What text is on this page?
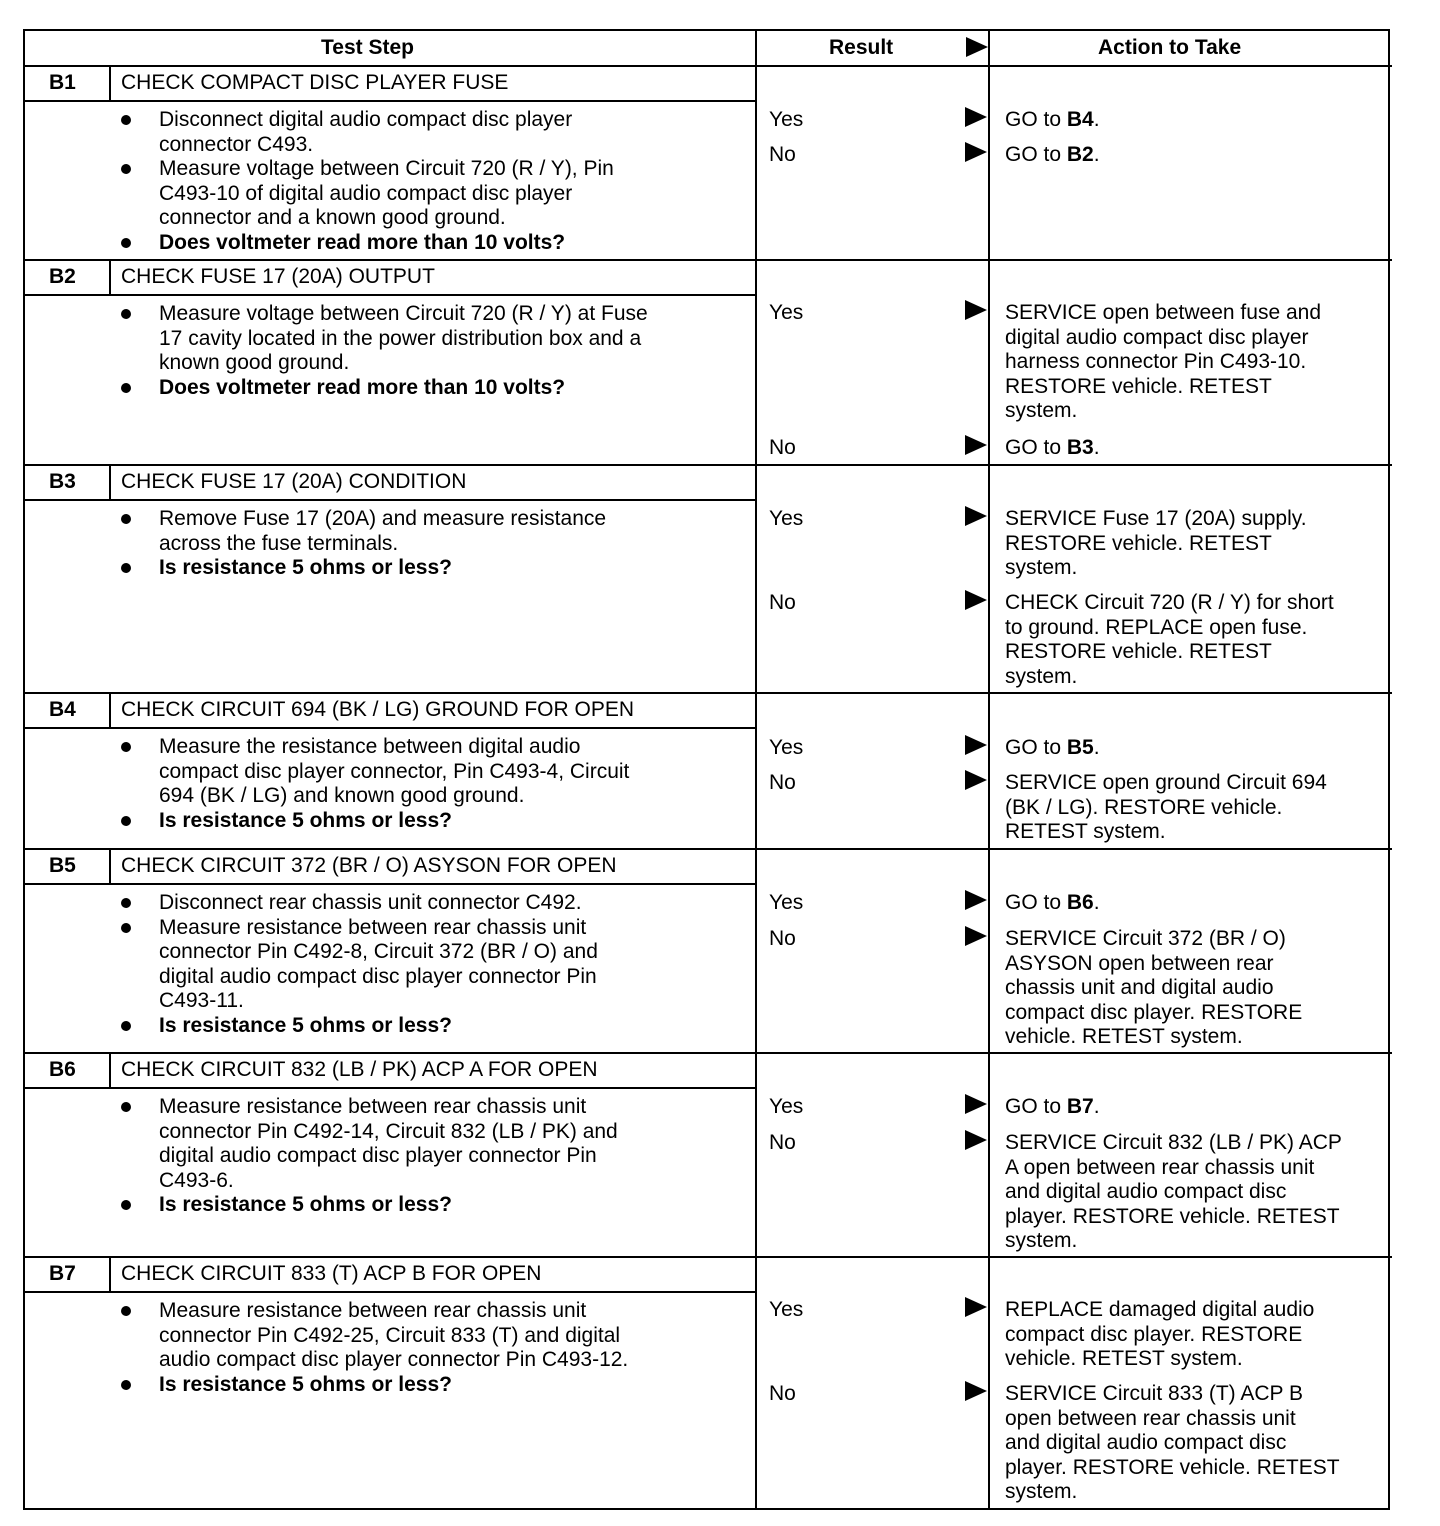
Test Step	Result	Action to Take
B1 CHECK COMPACT DISC PLAYER FUSE
Disconnect digital audio compact disc player
connector C493.
Measure voltage between Circuit 720 (R / Y), Pin
C493-10 of digital audio compact disc player
connector and a known good ground.
Does voltmeter read more than 10 volts?
Yes	GO to B4.
No	GO to B2.
B2 CHECK FUSE 17 (20A) OUTPUT
Measure voltage between Circuit 720 (R / Y) at Fuse
17 cavity located in the power distribution box and a
known good ground.
Does voltmeter read more than 10 volts?
Yes	SERVICE open between fuse and
digital audio compact disc player
harness connector Pin C493-10.
RESTORE vehicle. RETEST
system.
No	GO to B3.
B3 CHECK FUSE 17 (20A) CONDITION
Remove Fuse 17 (20A) and measure resistance
across the fuse terminals.
Is resistance 5 ohms or less?
Yes	SERVICE Fuse 17 (20A) supply.
RESTORE vehicle. RETEST
system.
No	CHECK Circuit 720 (R / Y) for short
to ground. REPLACE open fuse.
RESTORE vehicle. RETEST
system.
B4 CHECK CIRCUIT 694 (BK / LG) GROUND FOR OPEN
Measure the resistance between digital audio
compact disc player connector, Pin C493-4, Circuit
694 (BK / LG) and known good ground.
Is resistance 5 ohms or less?
Yes	GO to B5.
No	SERVICE open ground Circuit 694
(BK / LG). RESTORE vehicle.
RETEST system.
B5 CHECK CIRCUIT 372 (BR / O) ASYSON FOR OPEN
Disconnect rear chassis unit connector C492.
Measure resistance between rear chassis unit
connector Pin C492-8, Circuit 372 (BR / O) and
digital audio compact disc player connector Pin
C493-11.
Is resistance 5 ohms or less?
Yes	GO to B6.
No	SERVICE Circuit 372 (BR / O)
ASYSON open between rear
chassis unit and digital audio
compact disc player. RESTORE
vehicle. RETEST system.
B6 CHECK CIRCUIT 832 (LB / PK) ACP A FOR OPEN
Measure resistance between rear chassis unit
connector Pin C492-14, Circuit 832 (LB / PK) and
digital audio compact disc player connector Pin
C493-6.
Is resistance 5 ohms or less?
Yes	GO to B7.
No	SERVICE Circuit 832 (LB / PK) ACP
A open between rear chassis unit
and digital audio compact disc
player. RESTORE vehicle. RETEST
system.
B7 CHECK CIRCUIT 833 (T) ACP B FOR OPEN
Measure resistance between rear chassis unit
connector Pin C492-25, Circuit 833 (T) and digital
audio compact disc player connector Pin C493-12.
Is resistance 5 ohms or less?
Yes	REPLACE damaged digital audio
compact disc player. RESTORE
vehicle. RETEST system.
No	SERVICE Circuit 833 (T) ACP B
open between rear chassis unit
and digital audio compact disc
player. RESTORE vehicle. RETEST
system.
